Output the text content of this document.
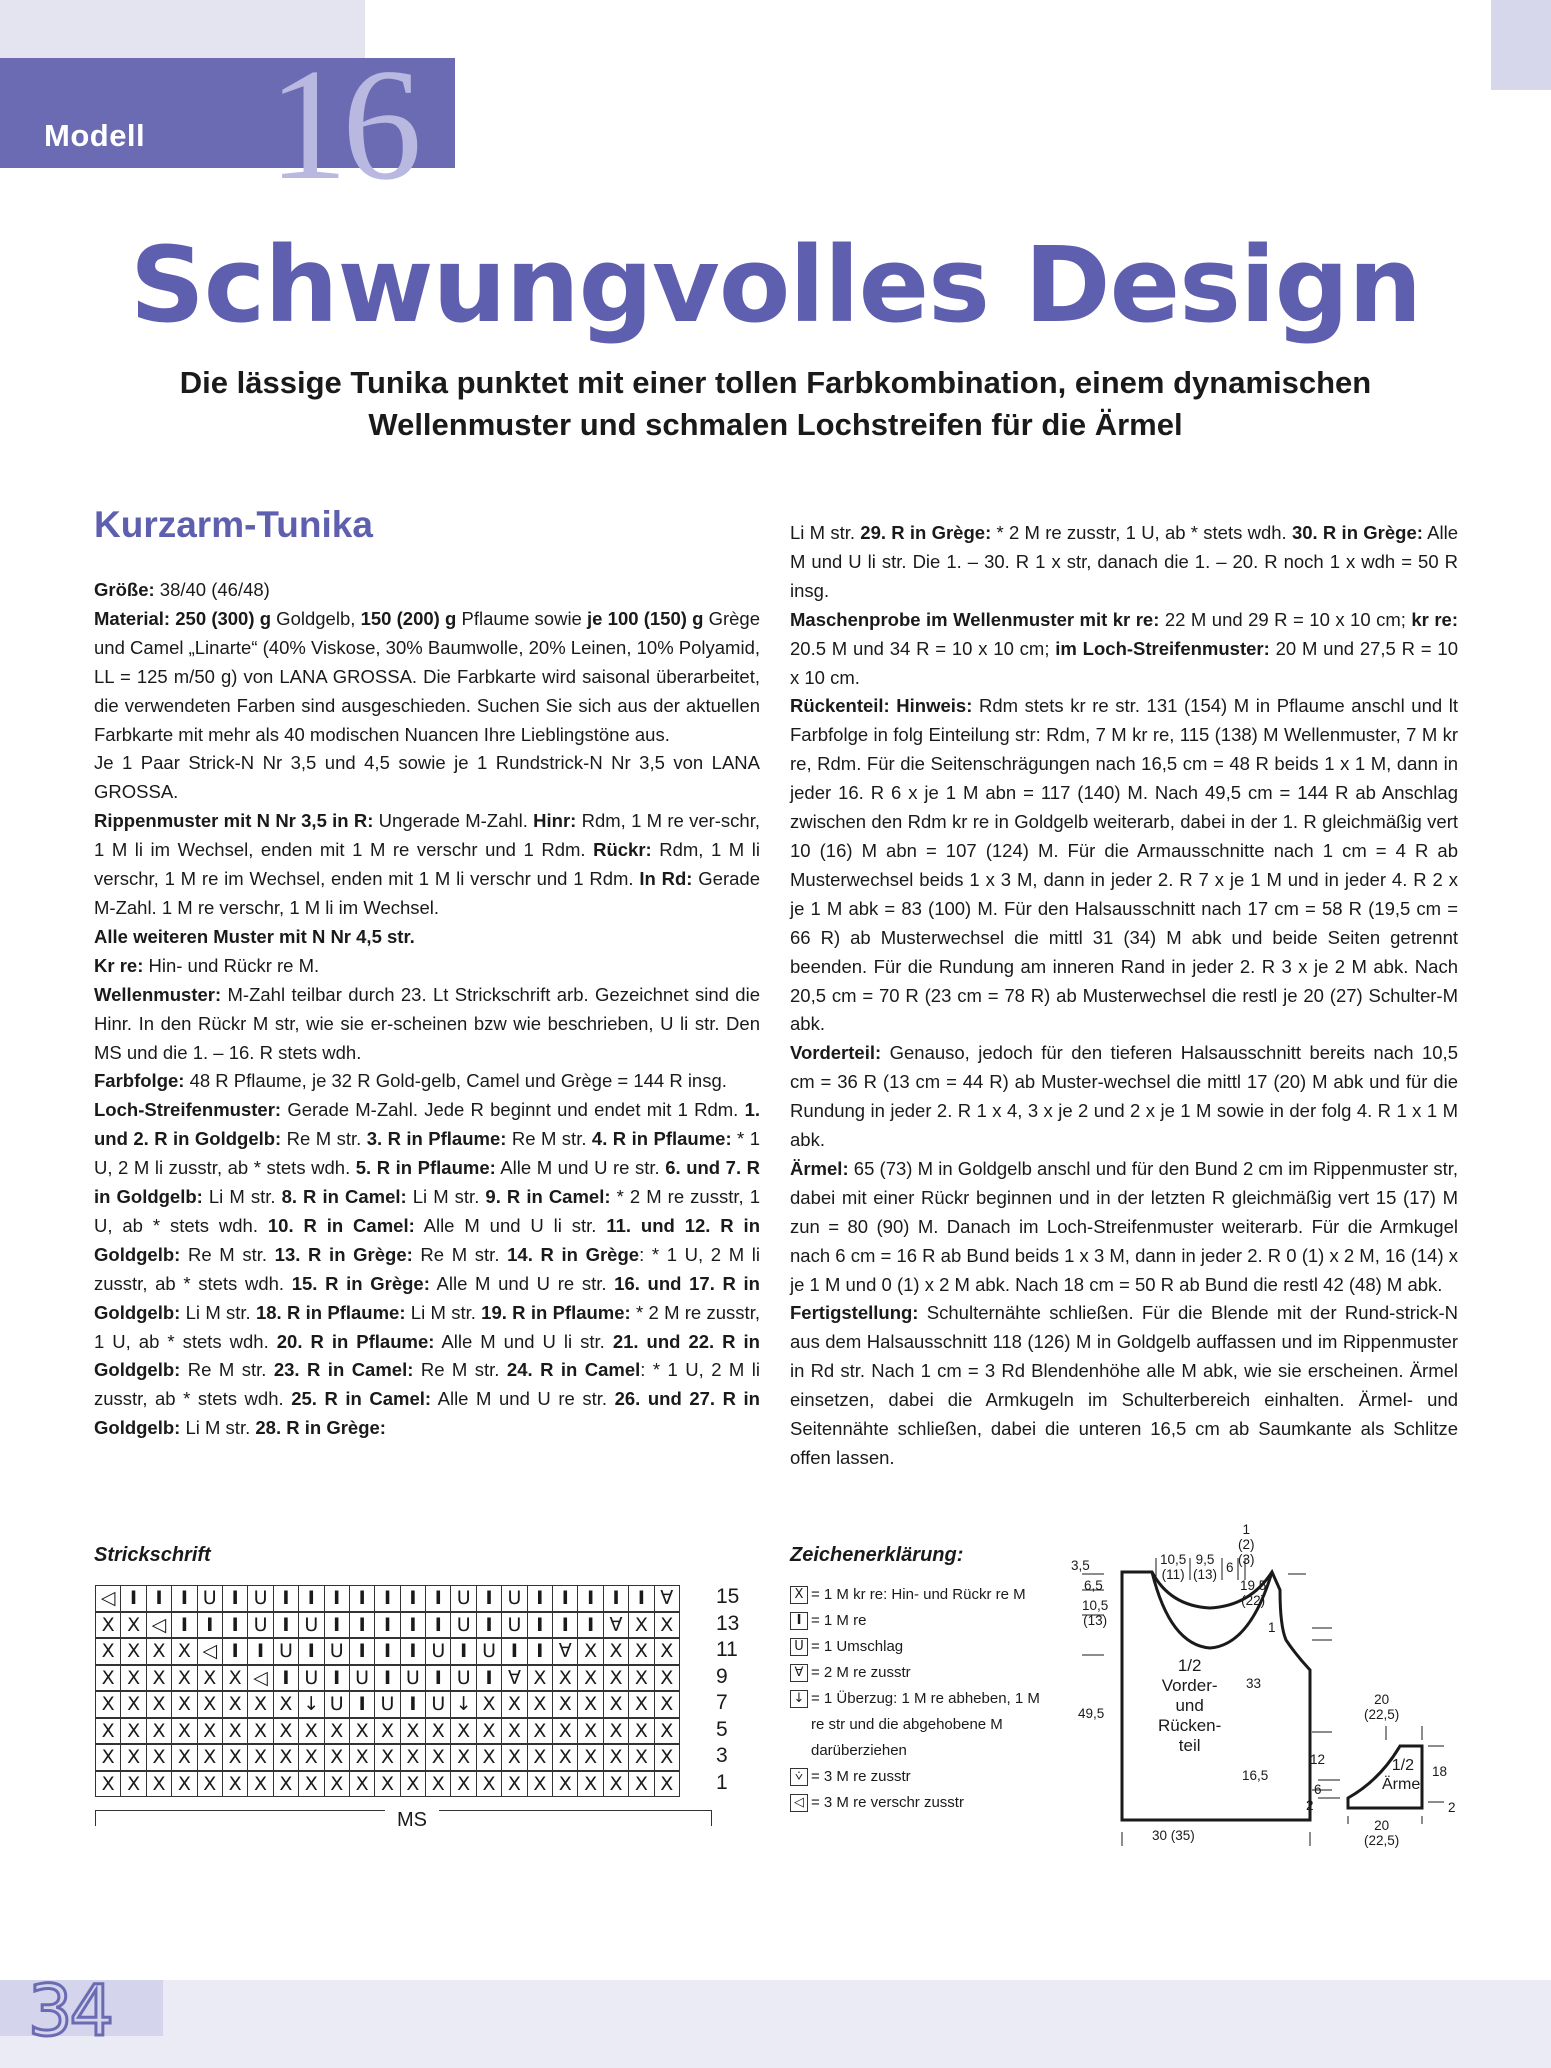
Modell 16
Schwungvolles Design
Die lässige Tunika punktet mit einer tollen Farbkombination, einem dynamischen
Wellenmuster und schmalen Lochstreifen für die Ärmel
Kurzarm-Tunika

Größe: 38/40 (46/48)

Material: 250 (300) g Goldgelb, 150 (200) g Pflaume sowie je 100 (150) g Grège und Camel „Linarte“ (40% Viskose, 30% Baumwolle, 20% Leinen, 10% Polyamid, LL = 125 m/50 g) von LANA GROSSA. Die Farbkarte wird saisonal überarbeitet, die verwendeten Farben sind ausgeschieden. Suchen Sie sich aus der aktuellen Farbkarte mit mehr als 40 modischen Nuancen Ihre Lieblingstöne aus.

Je 1 Paar Strick-N Nr 3,5 und 4,5 sowie je 1 Rundstrick-N Nr 3,5 von LANA GROSSA.

Rippenmuster mit N Nr 3,5 in R: Ungerade M-Zahl. Hinr: Rdm, 1 M re ver-schr, 1 M li im Wechsel, enden mit 1 M re verschr und 1 Rdm. Rückr: Rdm, 1 M li verschr, 1 M re im Wechsel, enden mit 1 M li verschr und 1 Rdm. In Rd: Gerade M-Zahl. 1 M re verschr, 1 M li im Wechsel.

Alle weiteren Muster mit N Nr 4,5 str.

Kr re: Hin- und Rückr re M.

Wellenmuster: M-Zahl teilbar durch 23. Lt Strickschrift arb. Gezeichnet sind die Hinr. In den Rückr M str, wie sie er-scheinen bzw wie beschrieben, U li str. Den MS und die 1. – 16. R stets wdh.

Farbfolge: 48 R Pflaume, je 32 R Gold-gelb, Camel und Grège = 144 R insg.

Loch-Streifenmuster: Gerade M-Zahl. Jede R beginnt und endet mit 1 Rdm. 1. und 2. R in Goldgelb: Re M str. 3. R in Pflaume: Re M str. 4. R in Pflaume: * 1 U, 2 M li zusstr, ab * stets wdh. 5. R in Pflaume: Alle M und U re str. 6. und 7. R in Goldgelb: Li M str. 8. R in Camel: Li M str. 9. R in Camel: * 2 M re zusstr, 1 U, ab * stets wdh. 10. R in Camel: Alle M und U li str. 11. und 12. R in Goldgelb: Re M str. 13. R in Grège: Re M str. 14. R in Grège: * 1 U, 2 M li zusstr, ab * stets wdh. 15. R in Grège: Alle M und U re str. 16. und 17. R in Goldgelb: Li M str. 18. R in Pflaume: Li M str. 19. R in Pflaume: * 2 M re zusstr, 1 U, ab * stets wdh. 20. R in Pflaume: Alle M und U li str. 21. und 22. R in Goldgelb: Re M str. 23. R in Camel: Re M str. 24. R in Camel: * 1 U, 2 M li zusstr, ab * stets wdh. 25. R in Camel: Alle M und U re str. 26. und 27. R in Goldgelb: Li M str. 28. R in Grège:

Li M str. 29. R in Grège: * 2 M re zusstr, 1 U, ab * stets wdh. 30. R in Grège: Alle M und U li str. Die 1. – 30. R 1 x str, danach die 1. – 20. R noch 1 x wdh = 50 R insg.

Maschenprobe im Wellenmuster mit kr re: 22 M und 29 R = 10 x 10 cm; kr re: 20.5 M und 34 R = 10 x 10 cm; im Loch-Streifenmuster: 20 M und 27,5 R = 10 x 10 cm.

Rückenteil: Hinweis: Rdm stets kr re str. 131 (154) M in Pflaume anschl und lt Farbfolge in folg Einteilung str: Rdm, 7 M kr re, 115 (138) M Wellenmuster, 7 M kr re, Rdm. Für die Seitenschrägungen nach 16,5 cm = 48 R beids 1 x 1 M, dann in jeder 16. R 6 x je 1 M abn = 117 (140) M. Nach 49,5 cm = 144 R ab Anschlag zwischen den Rdm kr re in Goldgelb weiterarb, dabei in der 1. R gleichmäßig vert 10 (16) M abn = 107 (124) M. Für die Armausschnitte nach 1 cm = 4 R ab Musterwechsel beids 1 x 3 M, dann in jeder 2. R 7 x je 1 M und in jeder 4. R 2 x je 1 M abk = 83 (100) M. Für den Halsausschnitt nach 17 cm = 58 R (19,5 cm = 66 R) ab Musterwechsel die mittl 31 (34) M abk und beide Seiten getrennt beenden. Für die Rundung am inneren Rand in jeder 2. R 3 x je 2 M abk. Nach 20,5 cm = 70 R (23 cm = 78 R) ab Musterwechsel die restl je 20 (27) Schulter-M abk.

Vorderteil: Genauso, jedoch für den tieferen Halsausschnitt bereits nach 10,5 cm = 36 R (13 cm = 44 R) ab Muster-wechsel die mittl 17 (20) M abk und für die Rundung in jeder 2. R 1 x 4, 3 x je 2 und 2 x je 1 M sowie in der folg 4. R 1 x 1 M abk.

Ärmel: 65 (73) M in Goldgelb anschl und für den Bund 2 cm im Rippenmuster str, dabei mit einer Rückr beginnen und in der letzten R gleichmäßig vert 15 (17) M zun = 80 (90) M. Danach im Loch-Streifenmuster weiterarb. Für die Armkugel nach 6 cm = 16 R ab Bund beids 1 x 3 M, dann in jeder 2. R 0 (1) x 2 M, 16 (14) x je 1 M und 0 (1) x 2 M abk. Nach 18 cm = 50 R ab Bund die restl 42 (48) M abk.

Fertigstellung: Schulternähte schließen. Für die Blende mit der Rund-strick-N aus dem Halsausschnitt 118 (126) M in Goldgelb auffassen und im Rippenmuster in Rd str. Nach 1 cm = 3 Rd Blendenhöhe alle M abk, wie sie erscheinen. Ärmel einsetzen, dabei die Armkugeln im Schulterbereich einhalten. Ärmel- und Seitennähte schließen, dabei die unteren 16,5 cm ab Saumkante als Schlitze offen lassen.

Strickschrift
◁ I I I U I U I I I I I I I U I U I I I I I ∀
X X ◁ I I I U I U I I I I I U I U I I I ∀ X X
X X X X ◁ I I U I U I I I U I U I I ∀ X X X X
X X X X X X ◁ I U I U I U I U I ∀ X X X X X X
X X X X X X X X ↓ U I U I U ↓ X X X X X X X X
X X X X X X X X X X X X X X X X X X X X X X X
X X X X X X X X X X X X X X X X X X X X X X X
X X X X X X X X X X X X X X X X X X X X X X X
15
13
11
9
7
5
3
1
MS
Zeichenerklärung:
X = 1 M kr re: Hin- und Rückr re M
I = 1 M re
U = 1 Umschlag
∀ = 2 M re zusstr
↓ = 1 Überzug: 1 M re abheben, 1 M re str und die abgehobene M darüberziehen
⩒ = 3 M re zusstr
◁ = 3 M re verschr zusstr
10,5
(11)
9,5
(13) 6
1
(2)
(3)
3,5
6,5
10,5
(13)
49,5
19,5
(22)
1
33
16,5
1/2
Vorder-
und
Rücken-
teil
30 (35)
1/2
Ärmel
20
(22,5)
20
(22,5)
12
6
2
18
2
34
